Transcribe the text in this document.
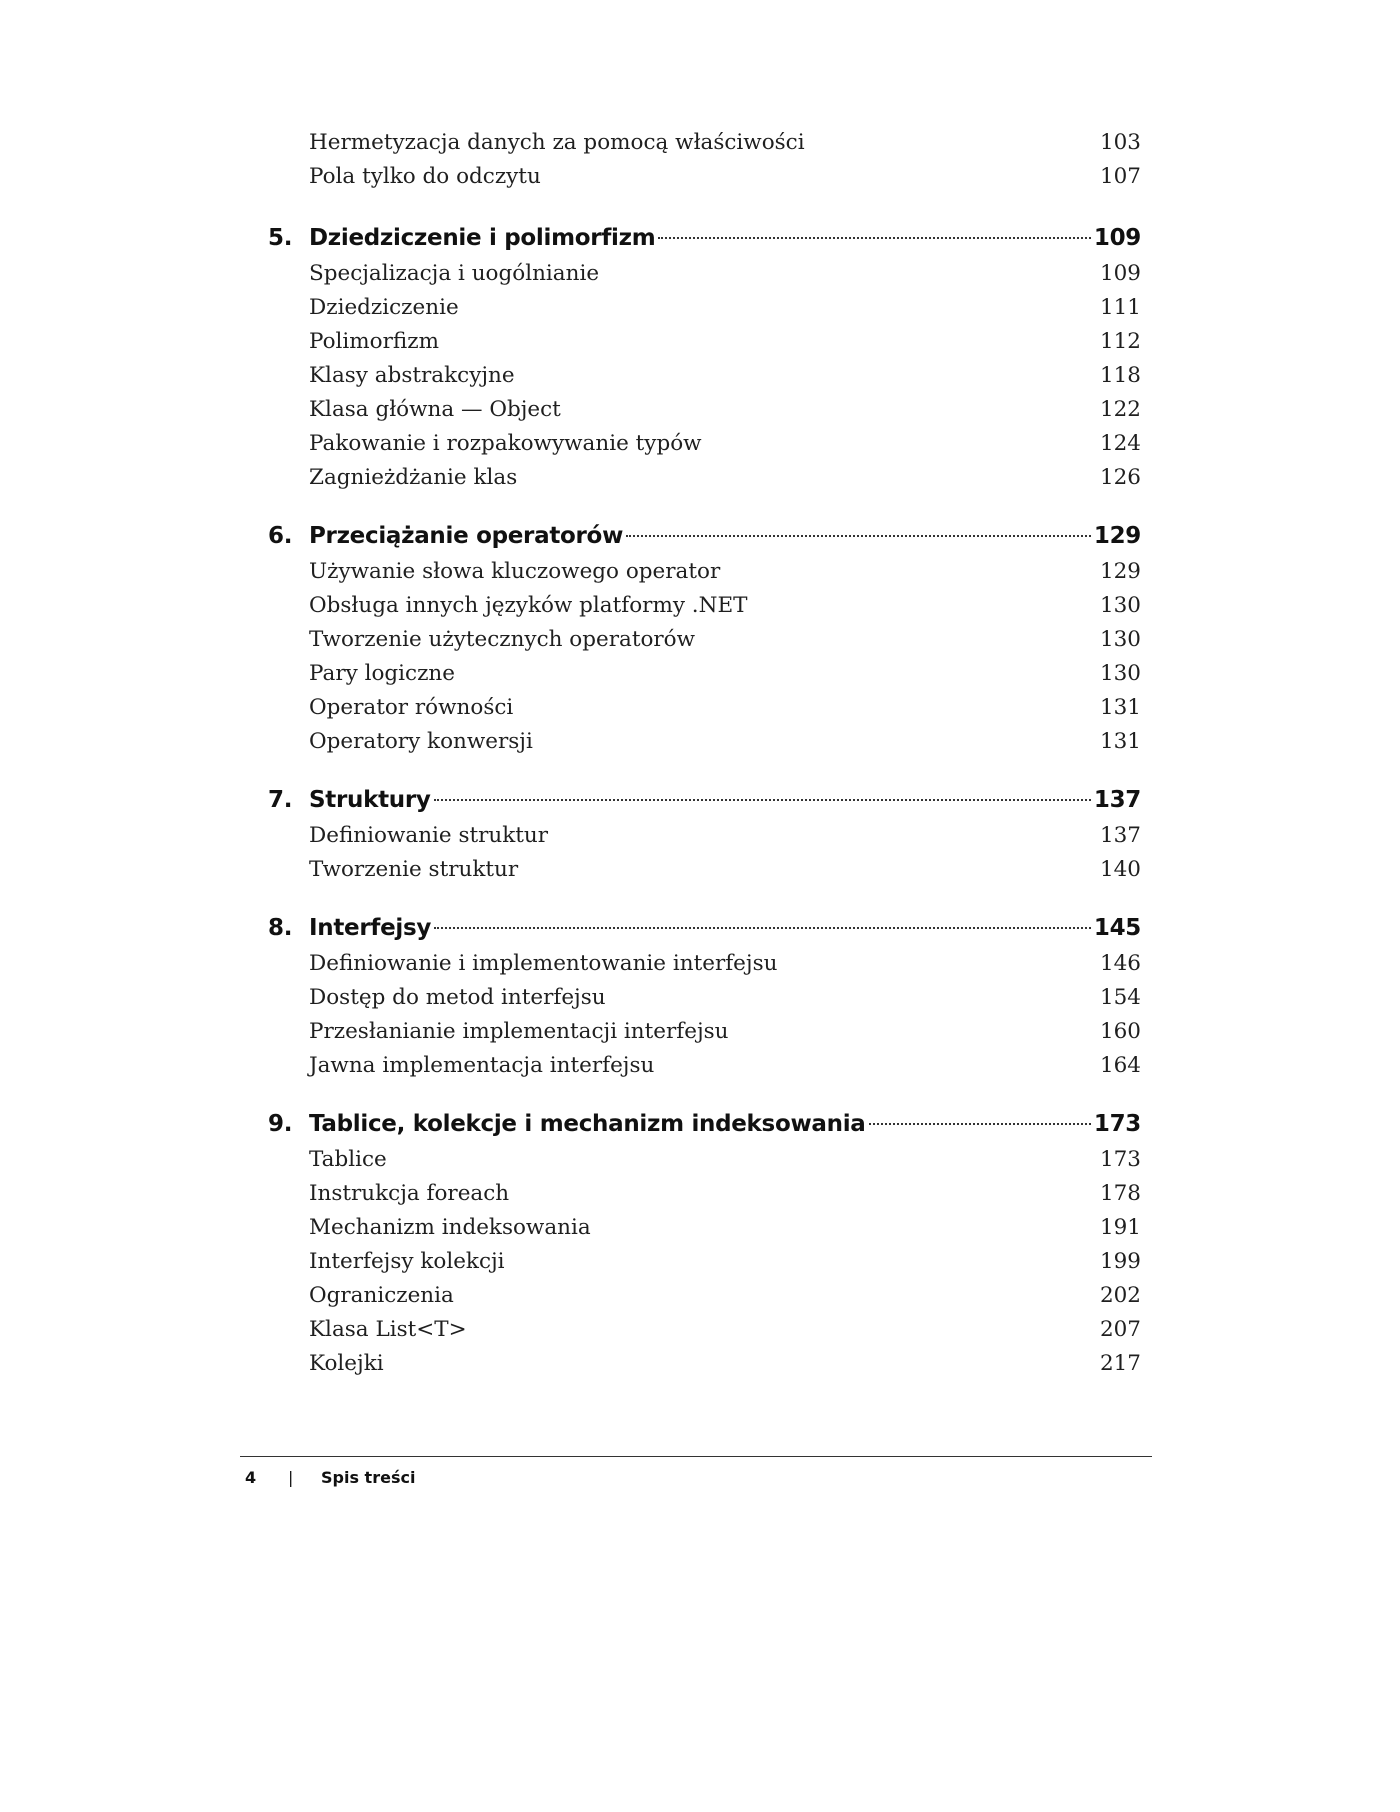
Hermetyzacja danych za pomocą właściwości	103
Pola tylko do odczytu	107
5. Dziedziczenie i polimorfizm	109
Specjalizacja i uogólnianie	109
Dziedziczenie	111
Polimorfizm	112
Klasy abstrakcyjne	118
Klasa główna — Object	122
Pakowanie i rozpakowywanie typów	124
Zagnieżdżanie klas	126
6. Przeciążanie operatorów	129
Używanie słowa kluczowego operator	129
Obsługa innych języków platformy .NET	130
Tworzenie użytecznych operatorów	130
Pary logiczne	130
Operator równości	131
Operatory konwersji	131
7. Struktury	137
Definiowanie struktur	137
Tworzenie struktur	140
8. Interfejsy	145
Definiowanie i implementowanie interfejsu	146
Dostęp do metod interfejsu	154
Przesłanianie implementacji interfejsu	160
Jawna implementacja interfejsu	164
9. Tablice, kolekcje i mechanizm indeksowania	173
Tablice	173
Instrukcja foreach	178
Mechanizm indeksowania	191
Interfejsy kolekcji	199
Ograniczenia	202
Klasa List<T>	207
Kolejki	217
4 | Spis treści
